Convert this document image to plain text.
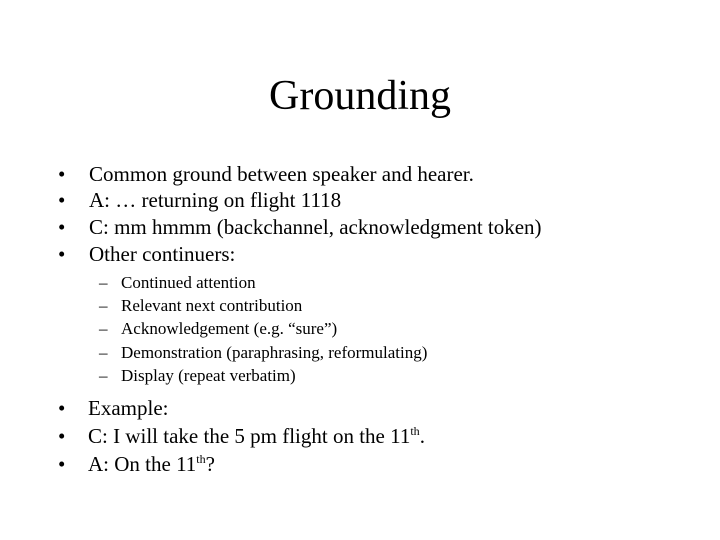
Grounding
• Common ground between speaker and hearer.
• A: … returning on flight 1118
• C: mm hmmm (backchannel, acknowledgment token)
• Other continuers:
– Continued attention
– Relevant next contribution
– Acknowledgement (e.g. “sure”)
– Demonstration (paraphrasing, reformulating)
– Display (repeat verbatim)
• Example:
• C: I will take the 5 pm flight on the 11th.
• A: On the 11th?
